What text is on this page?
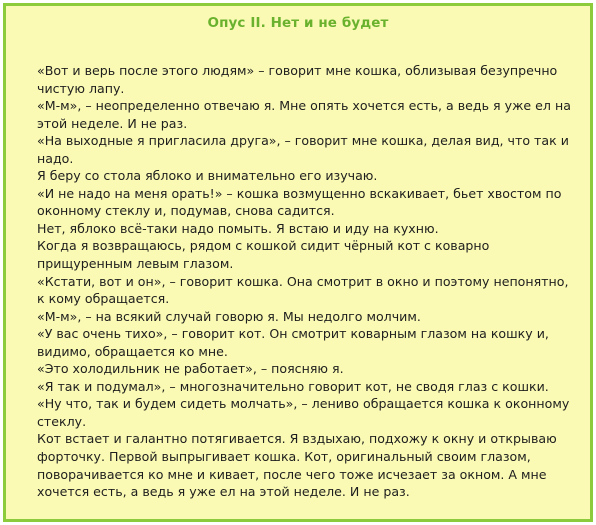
Опус II. Нет и не будет

«Вот и верь после этого людям» – говорит мне кошка, облизывая безупречно чистую лапу.

«М-м», – неопределенно отвечаю я. Мне опять хочется есть, а ведь я уже ел на этой неделе. И не раз.

«На выходные я пригласила друга», – говорит мне кошка, делая вид, что так и надо.

Я беру со стола яблоко и внимательно его изучаю.

«И не надо на меня орать!» – кошка возмущенно вскакивает, бьет хвостом по оконному стеклу и, подумав, снова садится.

Нет, яблоко всё-таки надо помыть. Я встаю и иду на кухню.

Когда я возвращаюсь, рядом с кошкой сидит чёрный кот с коварно прищуренным левым глазом.

«Кстати, вот и он», – говорит кошка. Она смотрит в окно и поэтому непонятно, к кому обращается.

«М-м», – на всякий случай говорю я. Мы недолго молчим.

«У вас очень тихо», – говорит кот. Он смотрит коварным глазом на кошку и, видимо, обращается ко мне.

«Это холодильник не работает», – поясняю я.

«Я так и подумал», – многозначительно говорит кот, не сводя глаз с кошки.

«Ну что, так и будем сидеть молчать», – лениво обращается кошка к оконному стеклу.

Кот встает и галантно потягивается. Я вздыхаю, подхожу к окну и открываю форточку. Первой выпрыгивает кошка. Кот, оригинальный своим глазом, поворачивается ко мне и кивает, после чего тоже исчезает за окном. А мне хочется есть, а ведь я уже ел на этой неделе. И не раз.
